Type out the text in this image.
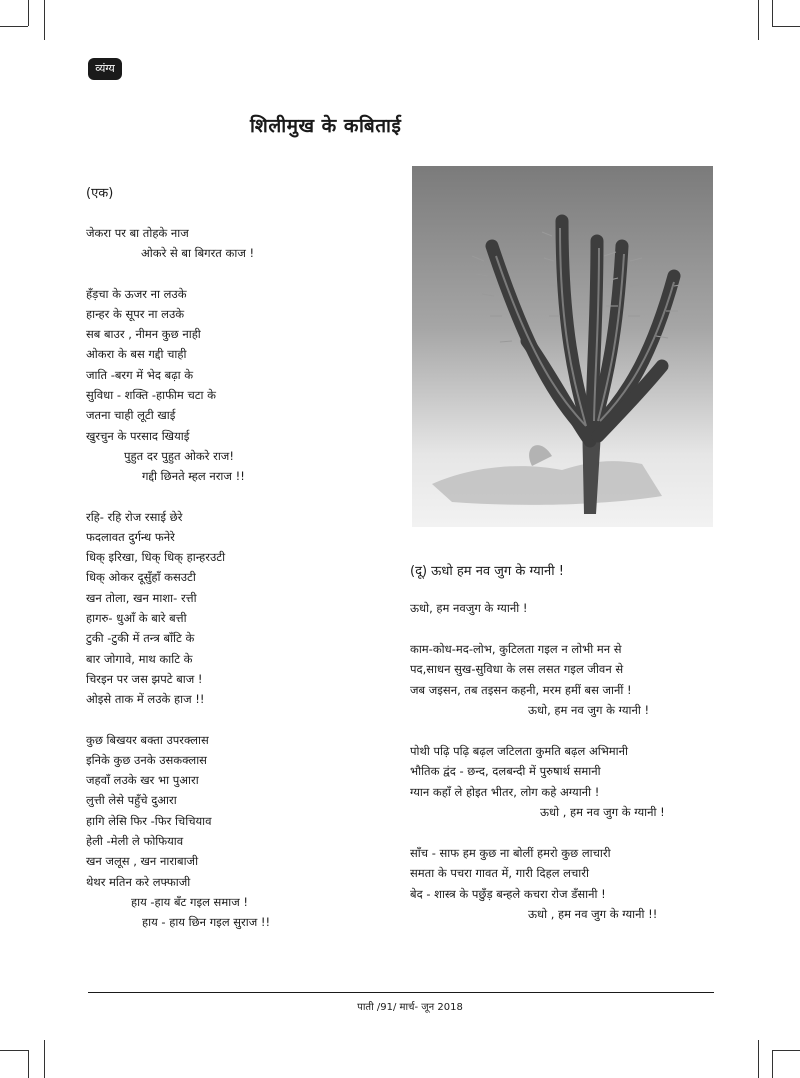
व्यंग्य
शिलीमुख के कबिताई
(एक)
जेकरा पर बा तोहके नाज
ओकरे से बा बिगरत काज !
हँड़चा के ऊजर ना लउके
हान्हर के सूपर ना लउके
सब बाउर , नीमन कुछ नाही
ओकरा के बस गद्दी चाही
जाति -बरग में भेद बढ़ा के
सुविधा - शक्ति -हाफीम चटा के
जतना चाही लूटी खाई
खुरचुन के परसाद खियाई
पुहुत दर पुहुत ओकरे राज!
गद्दी छिनते म्हल नराज !!
रहि- रहि रोज रसाई छेरे
फदलावत दुर्गन्ध फनेरे
धिक् इरिखा, धिक् धिक् हान्हरउटी
धिक् ओकर दूसुँहाँ कसउटी
खन तोला, खन माशा- रत्ती
हागरु- धुआँ के बारे बत्ती
टुकी -टुकी में तन्त्र बाँटि के
बार जोगावे, माथ काटि के
चिरइन पर जस झपटे बाज !
ओइसे ताक में लउके हाज !!
कुछ बिखयर बक्ता उपरक्लास
इनिके कुछ उनके उसकक्लास
जहवाँ लउके खर भा पुआरा
लुत्ती लेसे पहुँचे दुआरा
हागि लेसि फिर -फिर चिचियाव
हेली -मेली ले फोफियाव
खन जलूस , खन नाराबाजी
थेथर मतिन करे लफ्फाजी
हाय -हाय बँट गइल समाज !
हाय - हाय छिन गइल सुराज !!
(दू) ऊधो हम नव जुग के ग्यानी !
ऊधो, हम नवजुग के ग्यानी !
काम-कोध-मद-लोभ, कुटिलता गइल न लोभी मन से
पद,साधन सुख-सुविधा के लस लसत गइल जीवन से
जब जइसन, तब तइसन कहनी, मरम हमीं बस जानीं !
ऊधो, हम नव जुग के ग्यानी !
पोथी पढ़ि पढ़ि बढ़ल जटिलता कुमति बढ़ल अभिमानी
भौतिक द्वंद - छन्द, दलबन्दी में पुरुषार्थ समानी
ग्यान कहाँ ले होइत भीतर, लोग कहे अग्यानी !
ऊधो , हम नव जुग के ग्यानी !
साँच - साफ हम कुछ ना बोलीं हमरो कुछ लाचारी
समता के पचरा गावत में, गारी दिहल लचारी
बेद - शास्त्र के पछुँड़ बन्हले कचरा रोज डँसानी !
ऊधो , हम नव जुग के ग्यानी !!
पाती /91/ मार्च- जून 2018
